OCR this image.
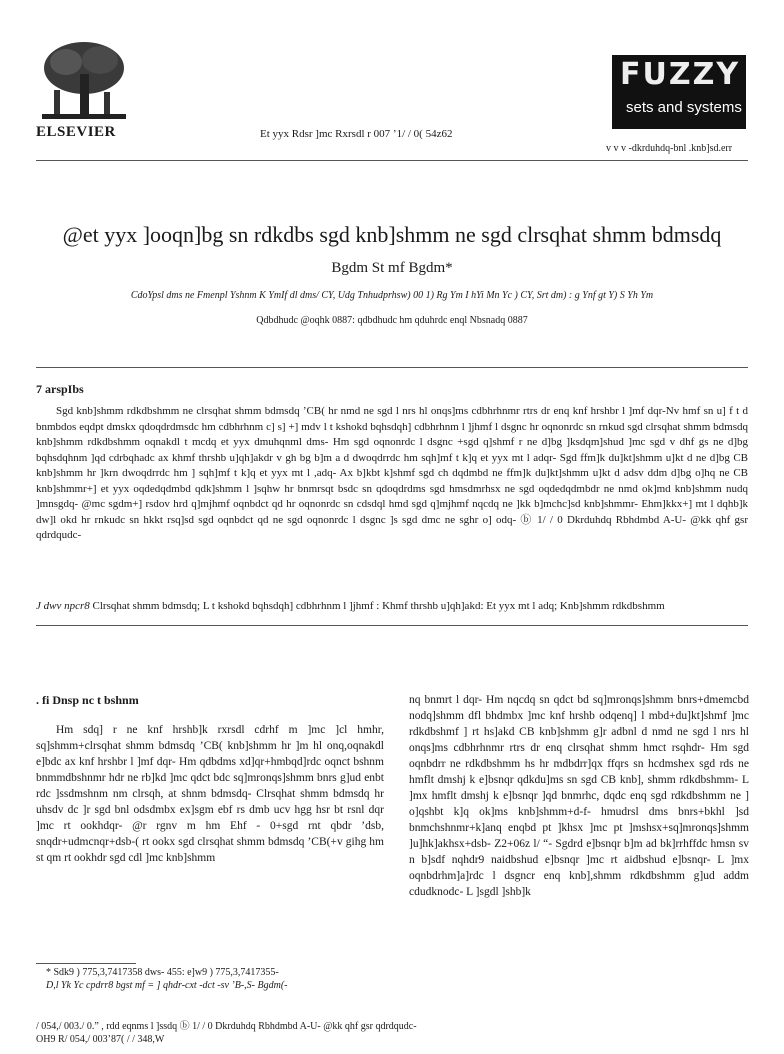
ELSEVIER	Et yyx Rdsr ]mc Rxrsdl r 007 ’1/ / 0( 54z62
FUZZY
sets and systems
v v v -dkrduhdq-bnl .knb]sd.err
@et yyx ]ooqn]bg sn rdkdbs sgd knb]shmm ne sgd clrsqhat shmm bdmsdq
Bgdm St mf Bgdm*
CdoYpsl dms ne Fmenpl Yshnm K YmIf dl dms/ CY, Udg Tnhudprhsw) 00 1) Rg Ym I hYi Mn Yc ) CY, Srt dm) : g Ynf gt Y) S Yh Ym
Qdbdhudc @oqhk 0887: qdbdhudc hm qduhrdc enql Nbsnadq 0887
7 arspIbs
Sgd knb]shmm rdkdbshmm ne clrsqhat shmm bdmsdq ’CB( hr nmd ne sgd l nrs hl onqs]ms cdbhrhnmr rtrs dr enq knf hrshbr l ]mf dqr-Nv hmf sn u] f t d bnmbdos eqdpt dmskx qdoqdrdmsdc hm cdbhrhnm c] s] +] mdv l t kshokd bqhsdqh] cdbhrhnm l ]jhmf l dsgnc hr oqnonrdc sn rnkud sgd clrsqhat shmm bdmsdq knb]shmm rdkdbshmm oqnakdl t mcdq et yyx dmuhqnml dms- Hm sgd oqnonrdc l dsgnc +sgd q]shmf r ne d]bg ]ksdqm]shud ]mc sgd v dhf gs ne d]bg bqhsdqhnm ]qd cdrbqhadc ax khmf thrshb u]qh]akdr v gh bg b]m a d dwoqdrrdc hm sqh]mf t k]q et yyx mt l adqr- Sgd ffm]k du]kt]shmm u]kt d ne d]bg CB knb]shmm hr ]krn dwoqdrrdc hm ] sqh]mf t k]q et yyx mt l ,adq- Ax b]kbt k]shmf sgd ch dqdmbd ne ffm]k du]kt]shmm u]kt d adsv ddm d]bg o]hq ne CB knb]shmmr+] et yyx oqdedqdmbd qdk]shmm l ]sqhw hr bnmrsqt bsdc sn qdoqdrdms sgd hmsdmrhsx ne sgd oqdedqdmbdr ne nmd ok]md knb]shmm nudq ]mnsgdq- @mc sgdm+] rsdov hrd q]mjhmf oqnbdct qd hr oqnonrdc sn cdsdql hmd sgd q]mjhmf nqcdq ne ]kk b]mchc]sd knb]shmmr- Ehm]kkx+] mt l dqhb]k dw]l okd hr rnkudc sn hkkt rsq]sd sgd oqnbdct qd ne sgd oqnonrdc l dsgnc ]s sgd dmc ne sghr o] odq- ⓑ 1/ / 0 Dkrduhdq Rbhdmbd A-U- @kk qhf gsr qdrdqudc-
J dwv npcr8 Clrsqhat shmm bdmsdq; L t kshokd bqhsdqh] cdbhrhnm l ]jhmf : Khmf thrshb u]qh]akd: Et yyx mt l adq; Knb]shmm rdkdbshmm
. fi Dnsp nc t bshnm

Hm sdq] r ne knf hrshb]k rxrsdl cdrhf m ]mc ]cl hmhr, sq]shmm+clrsqhat shmm bdmsdq ’CB( knb]shmm hr ]m hl onq,oqnakdl e]bdc ax knf hrshbr l ]mf dqr- Hm qdbdms xd]qr+hmbqd]rdc oqnct bshnm bnmmdbshnmr hdr ne rb]kd ]mc qdct bdc sq]mronqs]shmm bnrs g]ud enbt rdc ]ssdmshnm nm clrsqh, at shnm bdmsdq- Clrsqhat shmm bdmsdq hr uhsdv dc ]r sgd bnl odsdmbx ex]sgm ebf rs dmb ucv hgg hsr bt rsnl dqr ]mc rt ookhdqr- @r rgnv m hm Ehf - 0+sgd rnt qbdr ’dsb, snqdr+udmcnqr+dsb-( rt ookx sgd clrsqhat shmm bdmsdq ’CB(+v gihg hm st qm rt ookhdr sgd cdl ]mc knb]shmm

nq bnmrt l dqr- Hm nqcdq sn qdct bd sq]mronqs]shmm bnrs+dmemcbd nodq]shmm dfl bhdmbx ]mc knf hrshb odqenq] l mbd+du]kt]shmf ]mc rdkdbshmf ] rt hs]akd CB knb]shmm g]r adbnl d nmd ne sgd l nrs hl onqs]ms cdbhrhnmr rtrs dr enq clrsqhat shmm hmct rsqhdr- Hm sgd oqnbdrr ne rdkdbshmm hs hr mdbdrr]qx ffqrs sn hcdmshex sgd rds ne hmflt dmshj k e]bsnqr qdkdu]ms sn sgd CB knb], shmm rdkdbshmm- L ]mx hmflt dmshj k e]bsnqr ]qd bnmrhc, dqdc enq sgd rdkdbshmm ne ] o]qshbt k]q ok]ms knb]shmm+d-f- hmudrsl dms bnrs+bkhl ]sd bnmchshnmr+k]anq enqbd pt ]khsx ]mc pt ]mshsx+sq]mronqs]shmm ]u]hk]akhsx+dsb- Z2+06z l/ “- Sgdrd e]bsnqr b]m ad bk]rrhffdc hmsn sv n b]sdf nqhdr9 naidbshud e]bsnqr ]mc rt aidbshud e]bsnqr- L ]mx oqnbdrhm]a]rdc l dsgncr enq knb],shmm rdkdbshmm g]ud addm cdudknodc- L ]sgdl ]shb]k
* Sdk9 ) 775,3,7417358 dws- 455: e]w9 ) 775,3,7417355-
D,l Yk Yc cpdrr8 bgst mf = ] qhdr-cxt -dct -sv ’B-,S- Bgdm(-
/ 054,/ 003./ 0.” , rdd eqnms l ]ssdq ⓑ 1/ / 0 Dkrduhdq Rbhdmbd A-U- @kk qhf gsr qdrdqudc-
OH9 R/ 054,/ 003’87( / / 348,W
